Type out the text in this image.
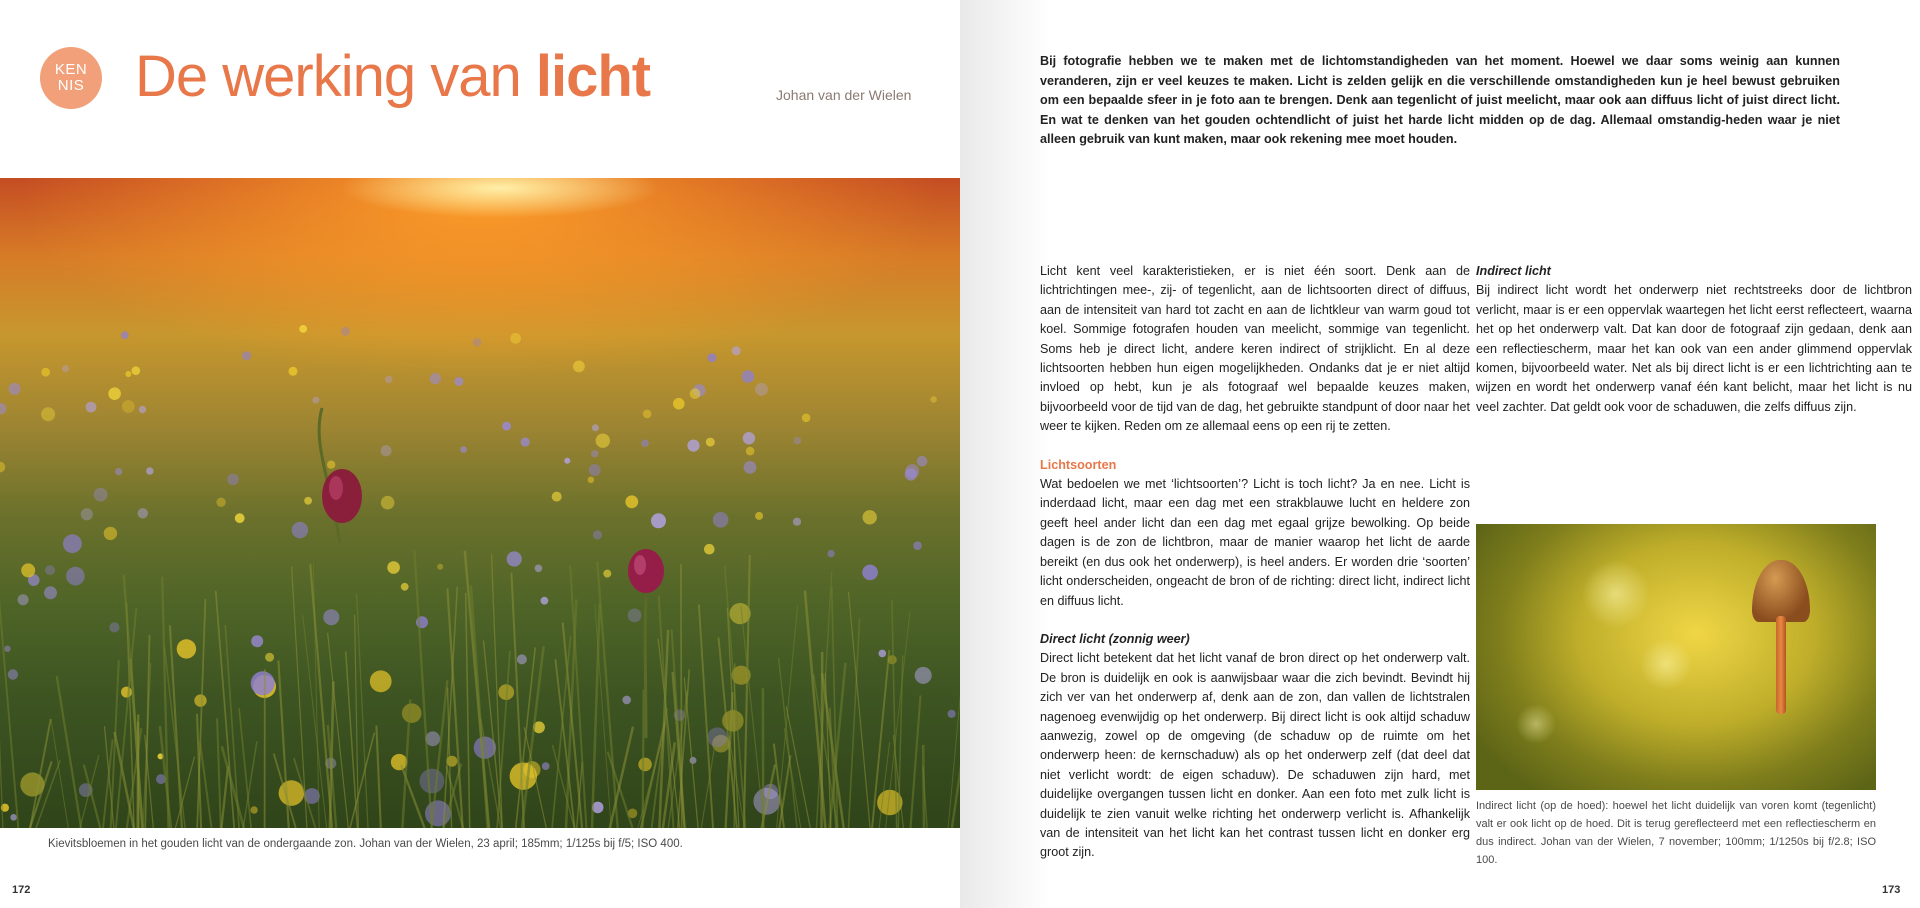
KEN
NIS De werking van licht	Johan van der Wielen
Kievitsbloemen in het gouden licht van de ondergaande zon. Johan van der Wielen, 23 april; 185mm; 1/125s bij f/5; ISO 400.
172

Bij fotografie hebben we te maken met de lichtomstandigheden van het moment. Hoewel we daar soms weinig aan kunnen veranderen, zijn er veel keuzes te maken. Licht is zelden gelijk en die verschillende omstandigheden kun je heel bewust gebruiken om een bepaalde sfeer in je foto aan te brengen. Denk aan tegenlicht of juist meelicht, maar ook aan diffuus licht of juist direct licht. En wat te denken van het gouden ochtendlicht of juist het harde licht midden op de dag. Allemaal omstandig-heden waar je niet alleen gebruik van kunt maken, maar ook rekening mee moet houden.

Licht kent veel karakteristieken, er is niet één soort. Denk aan de lichtrichtingen mee-, zij- of tegenlicht, aan de lichtsoorten direct of diffuus, aan de intensiteit van hard tot zacht en aan de lichtkleur van warm goud tot koel. Sommige fotografen houden van meelicht, sommige van tegenlicht. Soms heb je direct licht, andere keren indirect of strijklicht. En al deze lichtsoorten hebben hun eigen mogelijkheden. Ondanks dat je er niet altijd invloed op hebt, kun je als fotograaf wel bepaalde keuzes maken, bijvoorbeeld voor de tijd van de dag, het gebruikte standpunt of door naar het weer te kijken. Reden om ze allemaal eens op een rij te zetten.

Lichtsoorten

Wat bedoelen we met ‘lichtsoorten’? Licht is toch licht? Ja en nee. Licht is inderdaad licht, maar een dag met een strakblauwe lucht en heldere zon geeft heel ander licht dan een dag met egaal grijze bewolking. Op beide dagen is de zon de lichtbron, maar de manier waarop het licht de aarde bereikt (en dus ook het onderwerp), is heel anders. Er worden drie ‘soorten’ licht onderscheiden, ongeacht de bron of de richting: direct licht, indirect licht en diffuus licht.

Direct licht (zonnig weer)

Direct licht betekent dat het licht vanaf de bron direct op het onderwerp valt. De bron is duidelijk en ook is aanwijsbaar waar die zich bevindt. Bevindt hij zich ver van het onderwerp af, denk aan de zon, dan vallen de lichtstralen nagenoeg evenwijdig op het onderwerp. Bij direct licht is ook altijd schaduw aanwezig, zowel op de omgeving (de schaduw op de ruimte om het onderwerp heen: de kernschaduw) als op het onderwerp zelf (dat deel dat niet verlicht wordt: de eigen schaduw). De schaduwen zijn hard, met duidelijke overgangen tussen licht en donker. Aan een foto met zulk licht is duidelijk te zien vanuit welke richting het onderwerp verlicht is. Afhankelijk van de intensiteit van het licht kan het contrast tussen licht en donker erg groot zijn.

Indirect licht

Bij indirect licht wordt het onderwerp niet rechtstreeks door de lichtbron verlicht, maar is er een oppervlak waartegen het licht eerst reflecteert, waarna het op het onderwerp valt. Dat kan door de fotograaf zijn gedaan, denk aan een reflectiescherm, maar het kan ook van een ander glimmend oppervlak komen, bijvoorbeeld water. Net als bij direct licht is er een lichtrichting aan te wijzen en wordt het onderwerp vanaf één kant belicht, maar het licht is nu veel zachter. Dat geldt ook voor de schaduwen, die zelfs diffuus zijn.

Indirect licht (op de hoed): hoewel het licht duidelijk van voren komt (tegenlicht) valt er ook licht op de hoed. Dit is terug gereflecteerd met een reflectiescherm en dus indirect. Johan van der Wielen, 7 november; 100mm; 1/1250s bij f/2.8; ISO 100.
173
